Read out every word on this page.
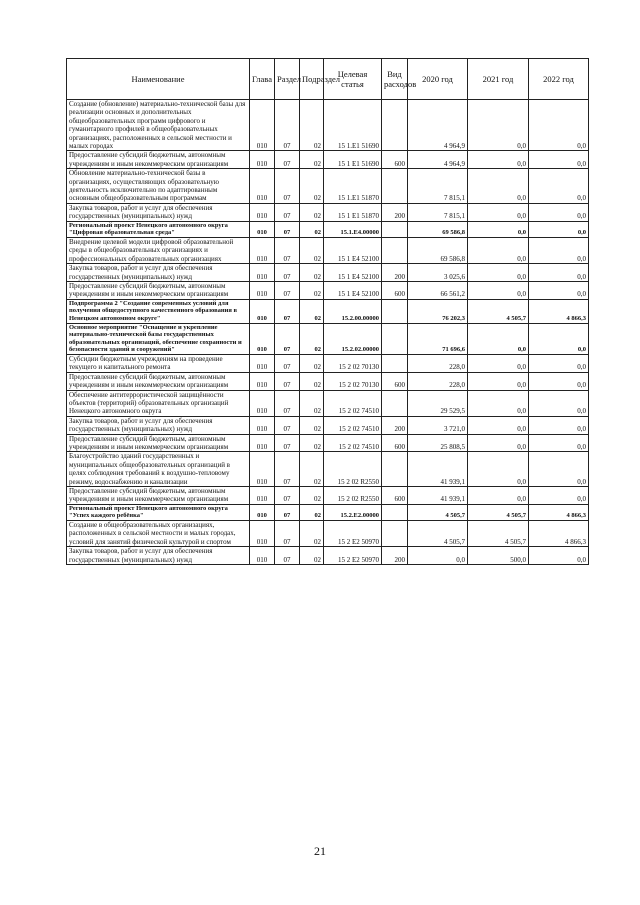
Наименование	Глава	Раздел	Подраздел	Целевая статья	Вид расходов	2020 год	2021 год	2022 год
Создание (обновление) материально-технической базы для реализации основных и дополнительных общеобразовательных программ цифрового и гуманитарного профилей в общеобразовательных организациях, расположенных в сельской местности и малых городах	010	07	02	15 1.Е1 51690		4 964,9	0,0	0,0
Предоставление субсидий бюджетным, автономным учреждениям и иным некоммерческим организациям	010	07	02	15 1 Е1 51690	600	4 964,9	0,0	0,0
Обновление материально-технической базы в организациях, осуществляющих образовательную деятельность исключительно по адаптированным основным общеобразовательным программам	010	07	02	15 1.Е1 51870		7 815,1	0,0	0,0
Закупка товаров, работ и услуг для обеспечения государственных (муниципальных) нужд	010	07	02	15 1 Е1 51870	200	7 815,1	0,0	0,0
Региональный проект Ненецкого автономного округа "Цифровая образовательная среда"	010	07	02	15.1.Е4.00000		69 586,8	0,0	0,0
Внедрение целевой модели цифровой образовательной среды в общеобразовательных организациях и профессиональных образовательных организациях	010	07	02	15 1 Е4 52100		69 586,8	0,0	0,0
Закупка товаров, работ и услуг для обеспечения государственных (муниципальных) нужд	010	07	02	15 1 Е4 52100	200	3 025,6	0,0	0,0
Предоставление субсидий бюджетным, автономным учреждениям и иным некоммерческим организациям	010	07	02	15 1 Е4 52100	600	66 561,2	0,0	0,0
Подпрограмма 2 "Создание современных условий для получения общедоступного качественного образования в Ненецком автономном округе"	010	07	02	15.2.00.00000		76 202,3	4 505,7	4 866,3
Основное мероприятие "Оснащение и укрепление материально-технической базы государственных образовательных организаций, обеспечение сохранности и безопасности зданий и сооружений"	010	07	02	15.2.02.00000		71 696,6	0,0	0,0
Субсидии бюджетным учреждениям на проведение текущего и капитального ремонта	010	07	02	15 2 02 70130		228,0	0,0	0,0
Предоставление субсидий бюджетным, автономным учреждениям и иным некоммерческим организациям	010	07	02	15 2 02 70130	600	228,0	0,0	0,0
Обеспечение антитеррористической защищённости объектов (территорий) образовательных организаций Ненецкого автономного округа	010	07	02	15 2 02 74510		29 529,5	0,0	0,0
Закупка товаров, работ и услуг для обеспечения государственных (муниципальных) нужд	010	07	02	15 2 02 74510	200	3 721,0	0,0	0,0
Предоставление субсидий бюджетным, автономным учреждениям и иным некоммерческим организациям	010	07	02	15 2 02 74510	600	25 808,5	0,0	0,0
Благоустройство зданий государственных и муниципальных общеобразовательных организаций в целях соблюдения требований к воздушно-тепловому режиму, водоснабжению и канализации	010	07	02	15 2 02 R2550		41 939,1	0,0	0,0
Предоставление субсидий бюджетным, автономным учреждениям и иным некоммерческим организациям	010	07	02	15 2 02 R2550	600	41 939,1	0,0	0,0
Региональный проект Ненецкого автономного округа "Успех каждого ребёнка"	010	07	02	15.2.Е2.00000		4 505,7	4 505,7	4 866,3
Создание в общеобразовательных организациях, расположенных в сельской местности и малых городах, условий для занятий физической культурой и спортом	010	07	02	15 2 Е2 50970		4 505,7	4 505,7	4 866,3
Закупка товаров, работ и услуг для обеспечения государственных (муниципальных) нужд	010	07	02	15 2 Е2 50970	200	0,0	500,0	0,0
21
